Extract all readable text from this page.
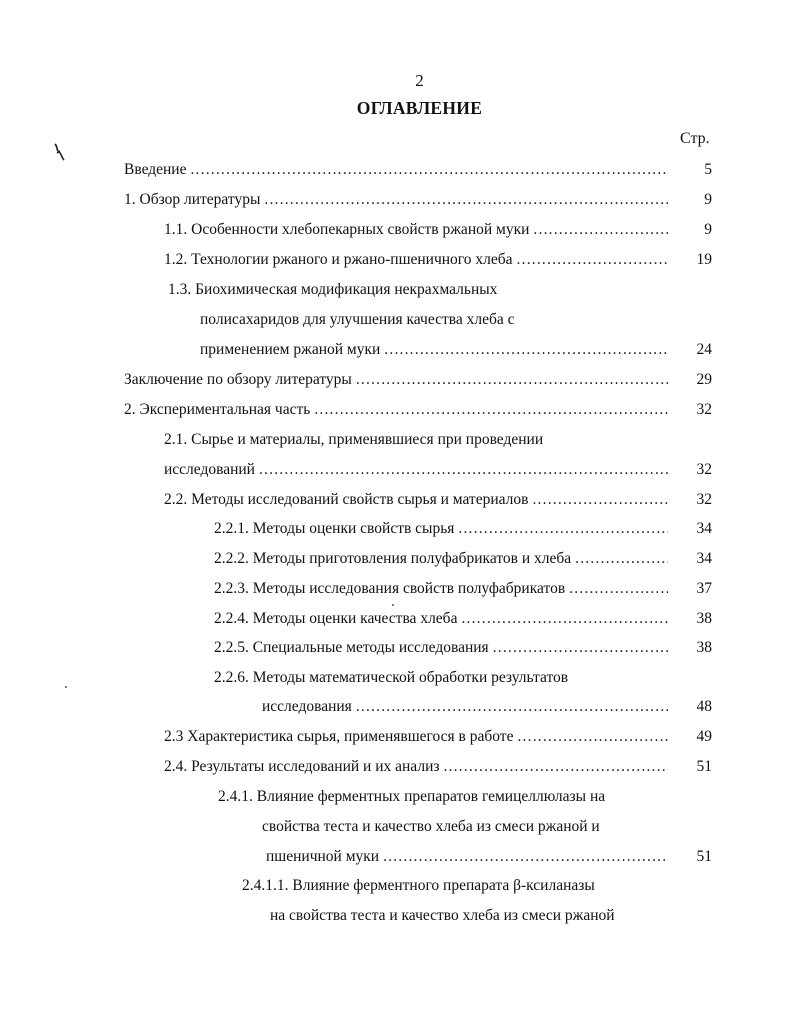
2
ОГЛАВЛЕНИЕ
Стр.
Введение .....	5
1. Обзор литературы .....	9
1.1. Особенности хлебопекарных свойств ржаной муки .....	9
1.2. Технологии ржаного и ржано-пшеничного хлеба .....	19
1.3. Биохимическая модификация некрахмальных
полисахаридов для улучшения качества хлеба с
применением ржаной муки .....	24
Заключение по обзору литературы .....	29
2. Экспериментальная часть .....	32
2.1. Сырье и материалы, применявшиеся при проведении
исследований .....	32
2.2. Методы исследований свойств сырья и материалов .....	32
2.2.1. Методы оценки свойств сырья .....	34
2.2.2. Методы приготовления полуфабрикатов и хлеба .....	34
2.2.3. Методы исследования свойств полуфабрикатов .....	37
2.2.4. Методы оценки качества хлеба .....	38
2.2.5. Специальные методы исследования .....	38
2.2.6. Методы математической обработки результатов
исследования .....	48
2.3 Характеристика сырья, применявшегося в работе .....	49
2.4. Результаты исследований и их анализ .....	51
2.4.1. Влияние ферментных препаратов гемицеллюлазы на
свойства теста и качество хлеба из смеси ржаной и
пшеничной муки .....	51
2.4.1.1. Влияние ферментного препарата β-ксиланазы
на свойства теста и качество хлеба из смеси ржаной
